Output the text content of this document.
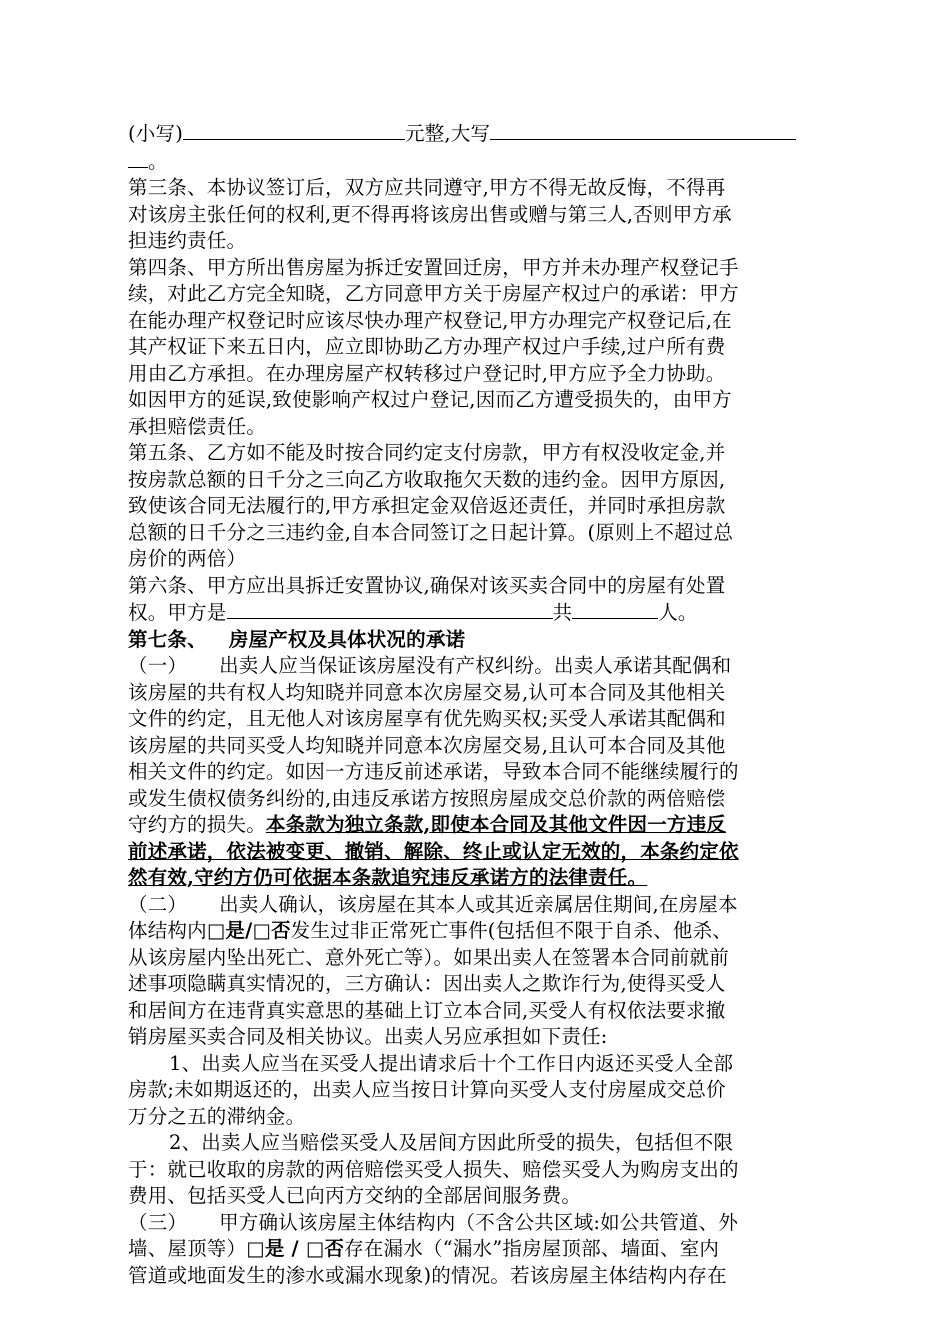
(小写)	元整,大写
。
第三条、本协议签订后，双方应共同遵守,甲方不得无故反悔，不得再
对该房主张任何的权利,更不得再将该房出售或赠与第三人,否则甲方承
担违约责任。
第四条、甲方所出售房屋为拆迁安置回迁房，甲方并未办理产权登记手
续，对此乙方完全知晓，乙方同意甲方关于房屋产权过户的承诺：甲方
在能办理产权登记时应该尽快办理产权登记,甲方办理完产权登记后,在
其产权证下来五日内，应立即协助乙方办理产权过户手续,过户所有费
用由乙方承担。在办理房屋产权转移过户登记时,甲方应予全力协助。
如因甲方的延误,致使影响产权过户登记,因而乙方遭受损失的，由甲方
承担赔偿责任。
第五条、乙方如不能及时按合同约定支付房款，甲方有权没收定金,并
按房款总额的日千分之三向乙方收取拖欠天数的违约金。因甲方原因,
致使该合同无法履行的,甲方承担定金双倍返还责任，并同时承担房款
总额的日千分之三违约金,自本合同签订之日起计算。(原则上不超过总
房价的两倍）
第六条、甲方应出具拆迁安置协议,确保对该买卖合同中的房屋有处置
权。甲方是	共	人。
第七条、 房屋产权及具体状况的承诺
（一） 出卖人应当保证该房屋没有产权纠纷。出卖人承诺其配偶和
该房屋的共有权人均知晓并同意本次房屋交易,认可本合同及其他相关
文件的约定，且无他人对该房屋享有优先购买权;买受人承诺其配偶和
该房屋的共同买受人均知晓并同意本次房屋交易,且认可本合同及其他
相关文件的约定。如因一方违反前述承诺，导致本合同不能继续履行的
或发生债权债务纠纷的,由违反承诺方按照房屋成交总价款的两倍赔偿
守约方的损失。本条款为独立条款,即使本合同及其他文件因一方违反
前述承诺，依法被变更、撤销、解除、终止或认定无效的，本条约定依
然有效,守约方仍可依据本条款追究违反承诺方的法律责任。
（二） 出卖人确认，该房屋在其本人或其近亲属居住期间,在房屋本
体结构内□是/□否发生过非正常死亡事件(包括但不限于自杀、他杀、
从该房屋内坠出死亡、意外死亡等）。如果出卖人在签署本合同前就前
述事项隐瞒真实情况的，三方确认：因出卖人之欺诈行为,使得买受人
和居间方在违背真实意思的基础上订立本合同,买受人有权依法要求撤
销房屋买卖合同及相关协议。出卖人另应承担如下责任:
1、出卖人应当在买受人提出请求后十个工作日内返还买受人全部
房款;未如期返还的，出卖人应当按日计算向买受人支付房屋成交总价
万分之五的滞纳金。
2、出卖人应当赔偿买受人及居间方因此所受的损失，包括但不限
于：就已收取的房款的两倍赔偿买受人损失、赔偿买受人为购房支出的
费用、包括买受人已向丙方交纳的全部居间服务费。
（三） 甲方确认该房屋主体结构内（不含公共区域:如公共管道、外
墙、屋顶等）□是 / □否存在漏水（“漏水”指房屋顶部、墙面、室内
管道或地面发生的渗水或漏水现象)的情况。若该房屋主体结构内存在
